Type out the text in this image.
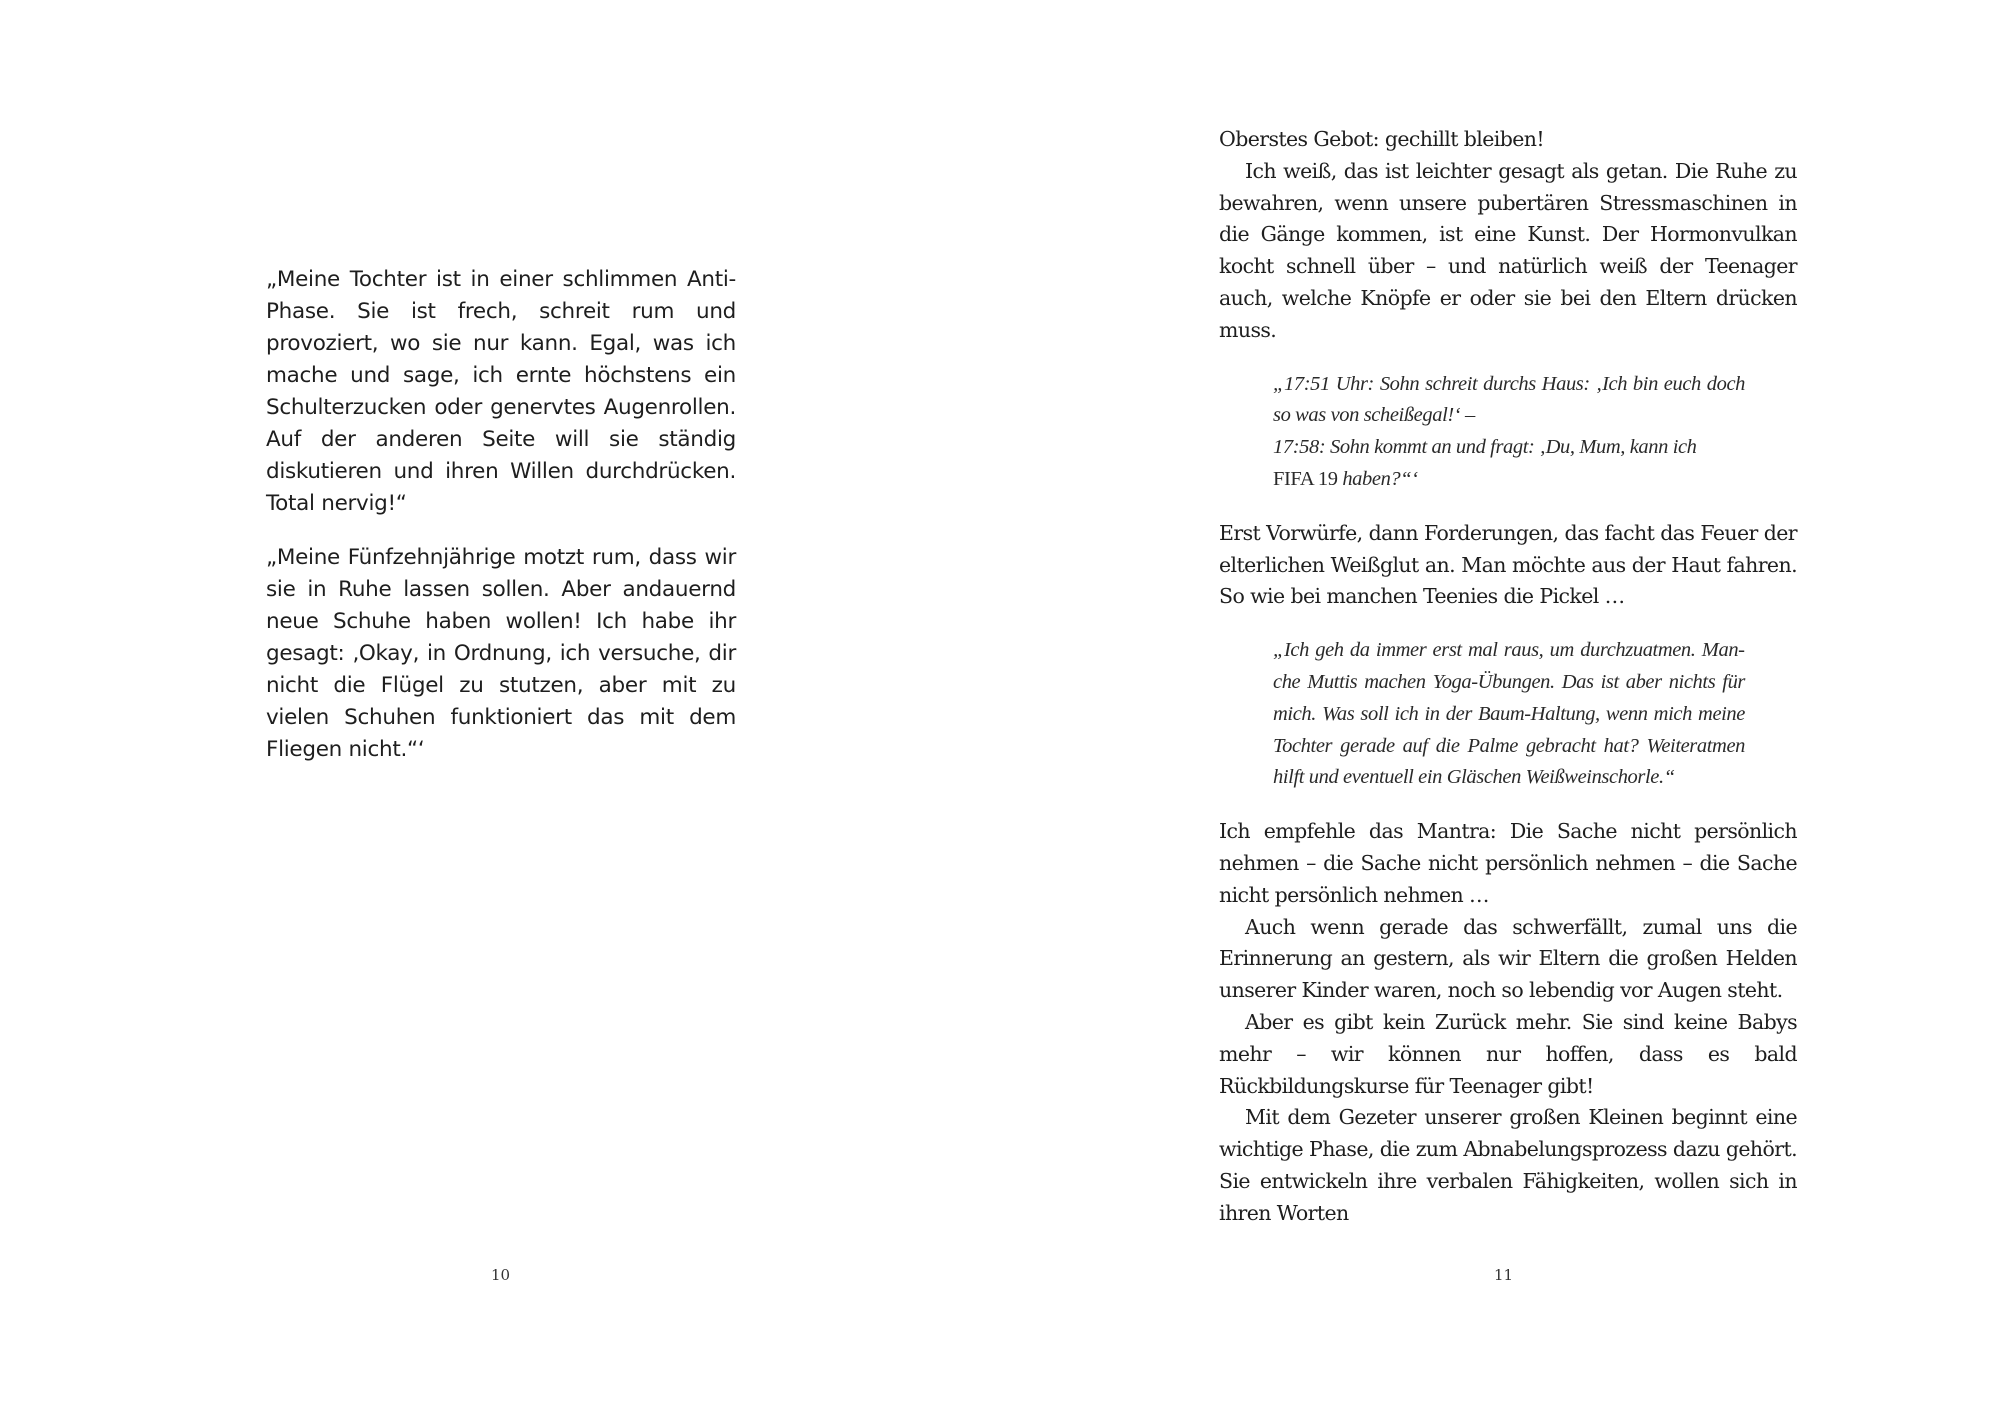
„Meine Tochter ist in einer schlimmen Anti-Phase. Sie ist frech, schreit rum und provoziert, wo sie nur kann. Egal, was ich mache und sage, ich ernte höchstens ein Schulterzucken oder genervtes Augenrollen. Auf der anderen Seite will sie ständig diskutieren und ihren Willen durchdrücken. Total nervig!“

„Meine Fünfzehnjährige motzt rum, dass wir sie in Ruhe lassen sollen. Aber andauernd neue Schuhe haben wollen! Ich habe ihr gesagt: ‚Okay, in Ordnung, ich versuche, dir nicht die Flügel zu stutzen, aber mit zu vielen Schuhen funktioniert das mit dem Fliegen nicht.“‘

10

Oberstes Gebot: gechillt bleiben!

Ich weiß, das ist leichter gesagt als getan. Die Ruhe zu bewahren, wenn unsere pubertären Stressmaschinen in die Gänge kommen, ist eine Kunst. Der Hormonvulkan kocht schnell über – und natürlich weiß der Teenager auch, welche Knöpfe er oder sie bei den Eltern drücken muss.

„17:51 Uhr: Sohn schreit durchs Haus: ‚Ich bin euch doch so was von scheißegal!‘ –
17:58: Sohn kommt an und fragt: ‚Du, Mum, kann ich
FIFA 19 haben?“‘

Erst Vorwürfe, dann Forderungen, das facht das Feuer der elterlichen Weißglut an. Man möchte aus der Haut fahren. So wie bei manchen Teenies die Pickel …

„Ich geh da immer erst mal raus, um durchzuatmen. Manche Muttis machen Yoga-Übungen. Das ist aber nichts für mich. Was soll ich in der Baum-Haltung, wenn mich meine Tochter gerade auf die Palme gebracht hat? Weiteratmen hilft und eventuell ein Gläschen Weißweinschorle.“

Ich empfehle das Mantra: Die Sache nicht persönlich nehmen – die Sache nicht persönlich nehmen – die Sache nicht persönlich nehmen …

Auch wenn gerade das schwerfällt, zumal uns die Erinnerung an gestern, als wir Eltern die großen Helden unserer Kinder waren, noch so lebendig vor Augen steht.

Aber es gibt kein Zurück mehr. Sie sind keine Babys mehr – wir können nur hoffen, dass es bald Rückbildungskurse für Teenager gibt!

Mit dem Gezeter unserer großen Kleinen beginnt eine wichtige Phase, die zum Abnabelungsprozess dazu gehört. Sie entwickeln ihre verbalen Fähigkeiten, wollen sich in ihren Worten

11
